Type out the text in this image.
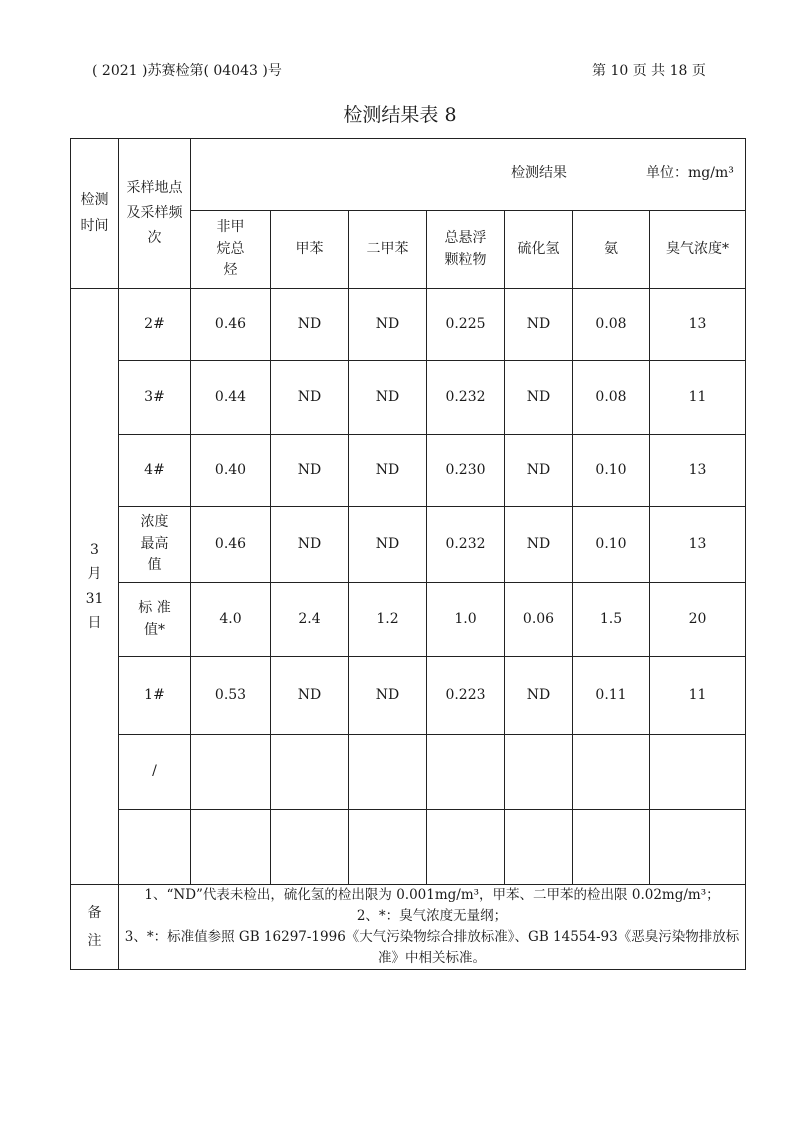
( 2021 )苏赛检第( 04043 )号	第 10 页 共 18 页
检测结果表 8
检测时间	采样地点及采样频次	检测结果 单位：mg/m³						

		非甲烷总烃	甲苯	二甲苯	总悬浮颗粒物	硫化氢	氨	臭气浓度*

3月31日	2#	0.46	ND	ND	0.225	ND	0.08	13
	3#	0.44	ND	ND	0.232	ND	0.08	11
	4#	0.40	ND	ND	0.230	ND	0.10	13

	浓度最高值	0.46	ND	ND	0.232	ND	0.10	13

	标 准值*	4.0	2.4	1.2	1.0	0.06	1.5	20
	1#	0.53	ND	ND	0.223	ND	0.11	11
	/							

备注	1、“ND”代表未检出，硫化氢的检出限为 0.001mg/m³，甲苯、二甲苯的检出限 0.02mg/m³；
2、*：臭气浓度无量纲；
3、*：标准值参照 GB 16297-1996《大气污染物综合排放标准》、GB 14554-93《恶臭污染物排放标准》中相关标准。							
